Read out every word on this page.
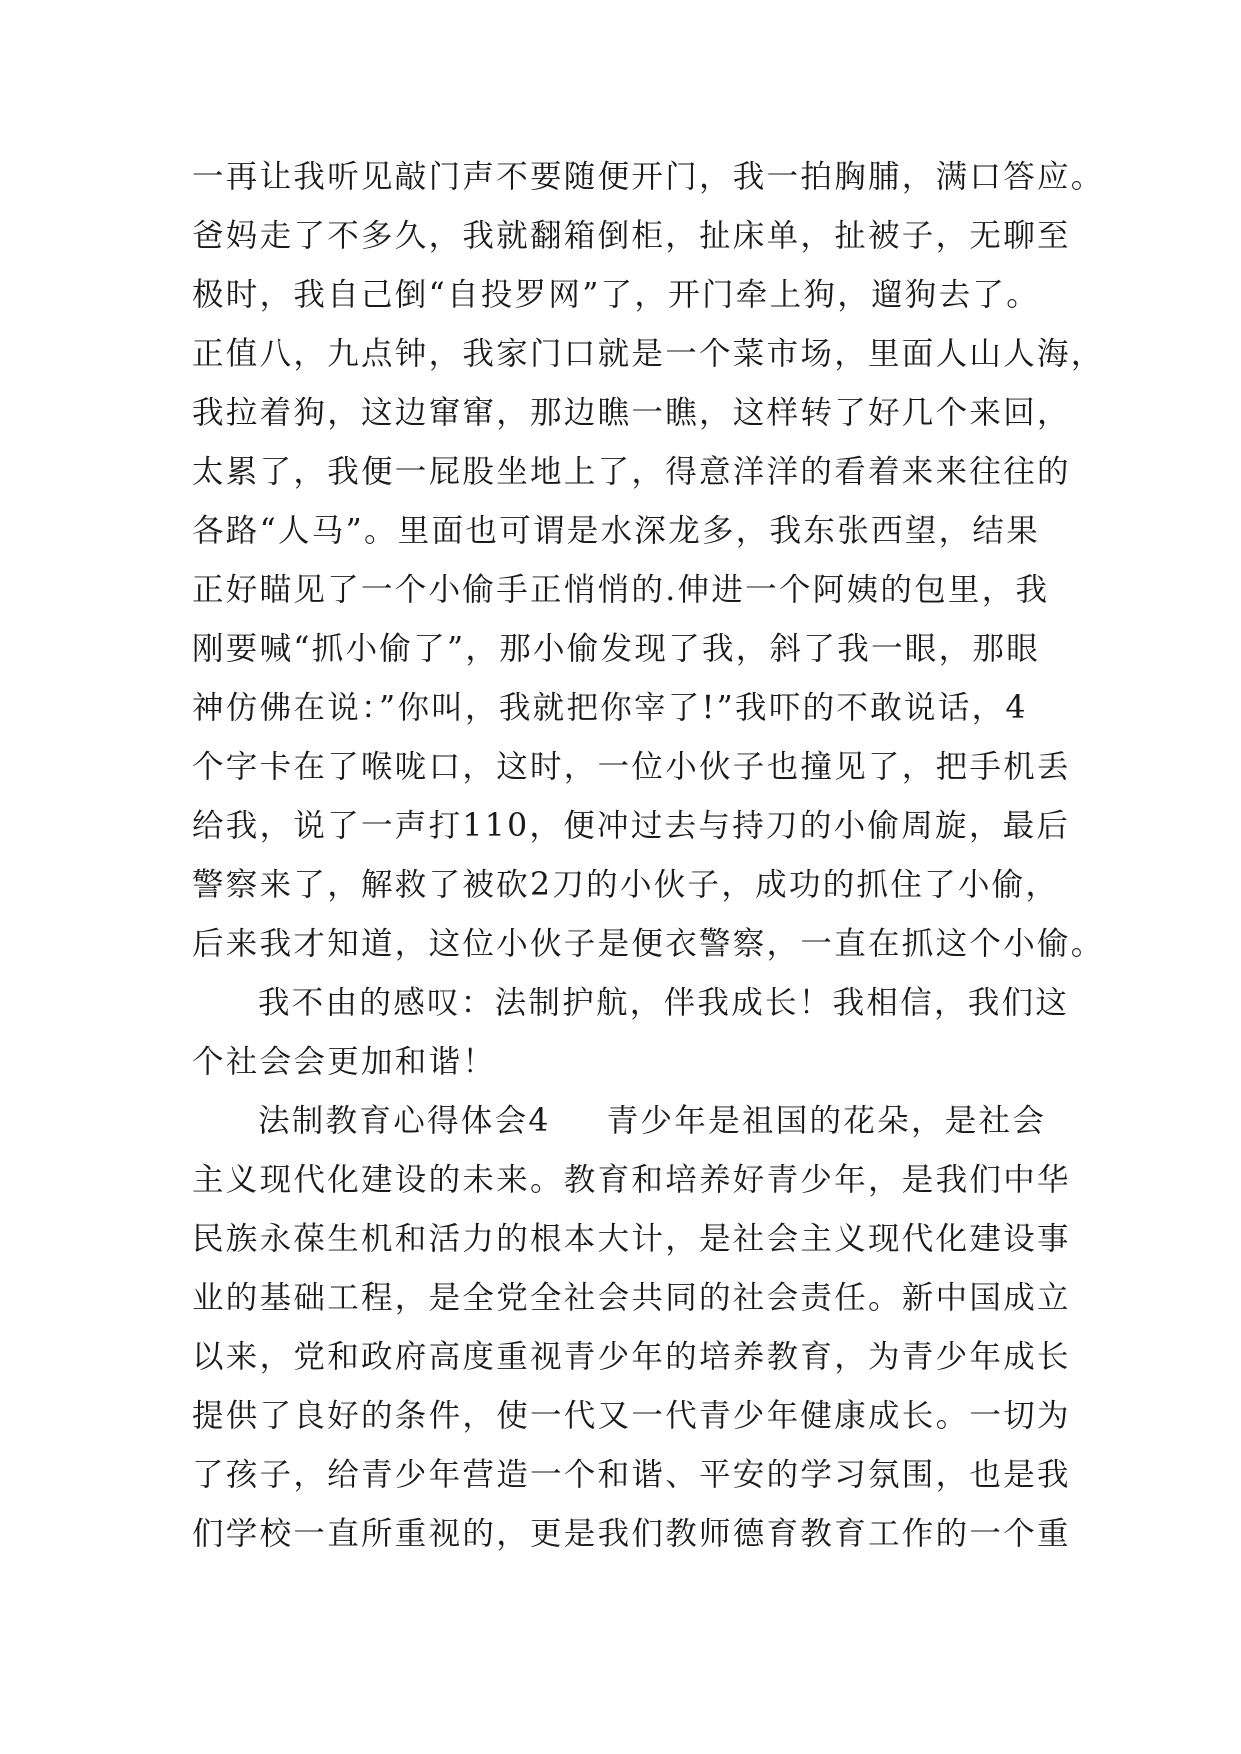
一再让我听见敲门声不要随便开门，我一拍胸脯，满口答应。
爸妈走了不多久，我就翻箱倒柜，扯床单，扯被子，无聊至
极时，我自己倒“自投罗网”了，开门牵上狗，遛狗去了。
正值八，九点钟，我家门口就是一个菜市场，里面人山人海，
我拉着狗，这边窜窜，那边瞧一瞧，这样转了好几个来回，
太累了，我便一屁股坐地上了，得意洋洋的看着来来往往的
各路“人马”。里面也可谓是水深龙多，我东张西望，结果
正好瞄见了一个小偷手正悄悄的.伸进一个阿姨的包里，我
刚要喊“抓小偷了”，那小偷发现了我，斜了我一眼，那眼
神仿佛在说：”你叫，我就把你宰了!”我吓的不敢说话，4
个字卡在了喉咙口，这时，一位小伙子也撞见了，把手机丢
给我，说了一声打110，便冲过去与持刀的小偷周旋，最后
警察来了，解救了被砍2刀的小伙子，成功的抓住了小偷，
后来我才知道，这位小伙子是便衣警察，一直在抓这个小偷。
我不由的感叹：法制护航，伴我成长！我相信，我们这
个社会会更加和谐！
法制教育心得体会4 青少年是祖国的花朵，是社会
主义现代化建设的未来。教育和培养好青少年，是我们中华
民族永葆生机和活力的根本大计，是社会主义现代化建设事
业的基础工程，是全党全社会共同的社会责任。新中国成立
以来，党和政府高度重视青少年的培养教育，为青少年成长
提供了良好的条件，使一代又一代青少年健康成长。一切为
了孩子，给青少年营造一个和谐、平安的学习氛围，也是我
们学校一直所重视的，更是我们教师德育教育工作的一个重
